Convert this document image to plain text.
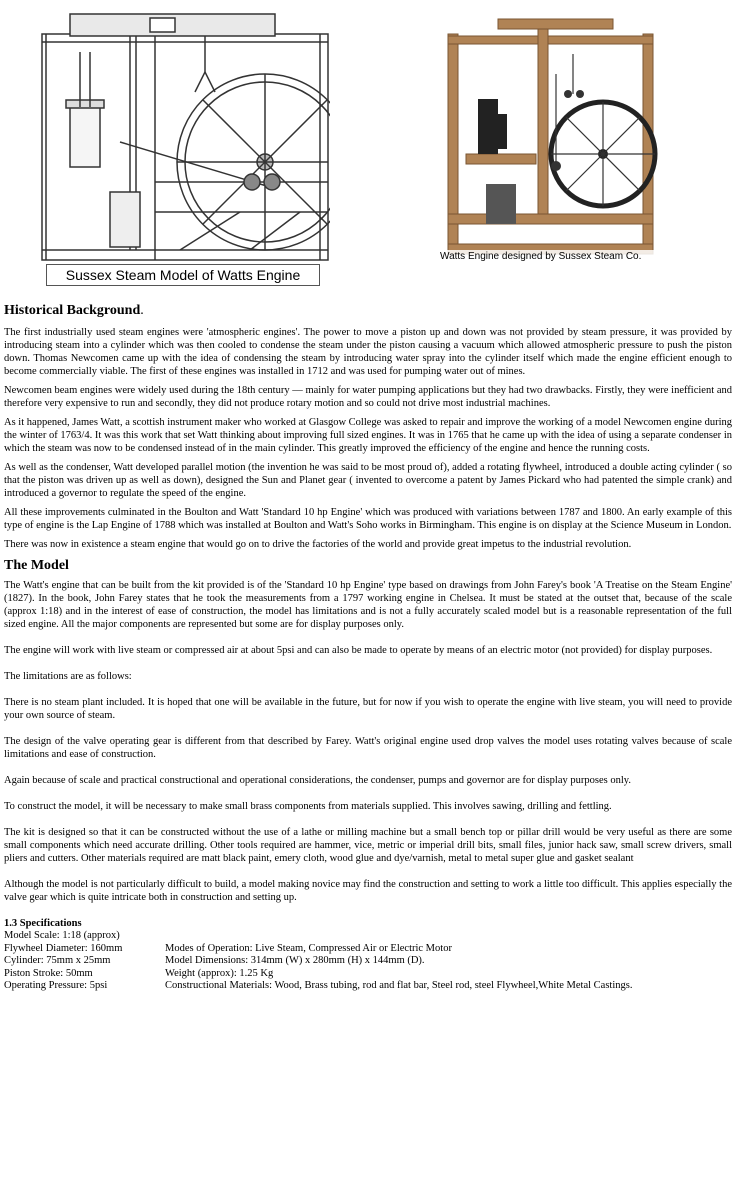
Sussex Steam Model of Watts Engine
Watts Engine designed by Sussex Steam Co.
Historical Background.

The first industrially used steam engines were 'atmospheric engines'. The power to move a piston up and down was not provided by steam pressure, it was provided by introducing steam into a cylinder which was then cooled to condense the steam under the piston causing a vacuum which allowed atmospheric pressure to push the piston down. Thomas Newcomen came up with the idea of condensing the steam by introducing water spray into the cylinder itself which made the engine efficient enough to become commercially viable. The first of these engines was installed in 1712 and was used for pumping water out of mines.

Newcomen beam engines were widely used during the 18th century — mainly for water pumping applications but they had two drawbacks. Firstly, they were inefficient and therefore very expensive to run and secondly, they did not produce rotary motion and so could not drive most industrial machines.

As it happened, James Watt, a scottish instrument maker who worked at Glasgow College was asked to repair and improve the working of a model Newcomen engine during the winter of 1763/4. It was this work that set Watt thinking about improving full sized engines. It was in 1765 that he came up with the idea of using a separate condenser in which the steam was now to be condensed instead of in the main cylinder. This greatly improved the efficiency of the engine and hence the running costs.

As well as the condenser, Watt developed parallel motion (the invention he was said to be most proud of), added a rotating flywheel, introduced a double acting cylinder ( so that the piston was driven up as well as down), designed the Sun and Planet gear ( invented to overcome a patent by James Pickard who had patented the simple crank) and introduced a governor to regulate the speed of the engine.

All these improvements culminated in the Boulton and Watt 'Standard 10 hp Engine' which was produced with variations between 1787 and 1800. An early example of this type of engine is the Lap Engine of 1788 which was installed at Boulton and Watt's Soho works in Birmingham. This engine is on display at the Science Museum in London.

There was now in existence a steam engine that would go on to drive the factories of the world and provide great impetus to the industrial revolution.

The Model

The Watt's engine that can be built from the kit provided is of the 'Standard 10 hp Engine' type based on drawings from John Farey's book 'A Treatise on the Steam Engine' (1827). In the book, John Farey states that he took the measurements from a 1797 working engine in Chelsea. It must be stated at the outset that, because of the scale (approx 1:18) and in the interest of ease of construction, the model has limitations and is not a fully accurately scaled model but is a reasonable representation of the full sized engine. All the major components are represented but some are for display purposes only.

The engine will work with live steam or compressed air at about 5psi and can also be made to operate by means of an electric motor (not provided) for display purposes.

The limitations are as follows:

There is no steam plant included. It is hoped that one will be available in the future, but for now if you wish to operate the engine with live steam, you will need to provide your own source of steam.

The design of the valve operating gear is different from that described by Farey. Watt's original engine used drop valves the model uses rotating valves because of scale limitations and ease of construction.

Again because of scale and practical constructional and operational considerations, the condenser, pumps and governor are for display purposes only.

To construct the model, it will be necessary to make small brass components from materials supplied. This involves sawing, drilling and fettling.

The kit is designed so that it can be constructed without the use of a lathe or milling machine but a small bench top or pillar drill would be very useful as there are some small components which need accurate drilling. Other tools required are hammer, vice, metric or imperial drill bits, small files, junior hack saw, small screw drivers, small pliers and cutters. Other materials required are matt black paint, emery cloth, wood glue and dye/varnish, metal to metal super glue and gasket sealant

Although the model is not particularly difficult to build, a model making novice may find the construction and setting to work a little too difficult. This applies especially the valve gear which is quite intricate both in construction and setting up.

1.3 Specifications
Model Scale: 1:18 (approx)
Flywheel Diameter: 160mm	Modes of Operation: Live Steam, Compressed Air or Electric Motor
Cylinder: 75mm x 25mm	Model Dimensions: 314mm (W) x 280mm (H) x 144mm (D).
Piston Stroke: 50mm	Weight (approx): 1.25 Kg
Operating Pressure: 5psi	Constructional Materials: Wood, Brass tubing, rod and flat bar, Steel rod, steel Flywheel,White Metal Castings.
